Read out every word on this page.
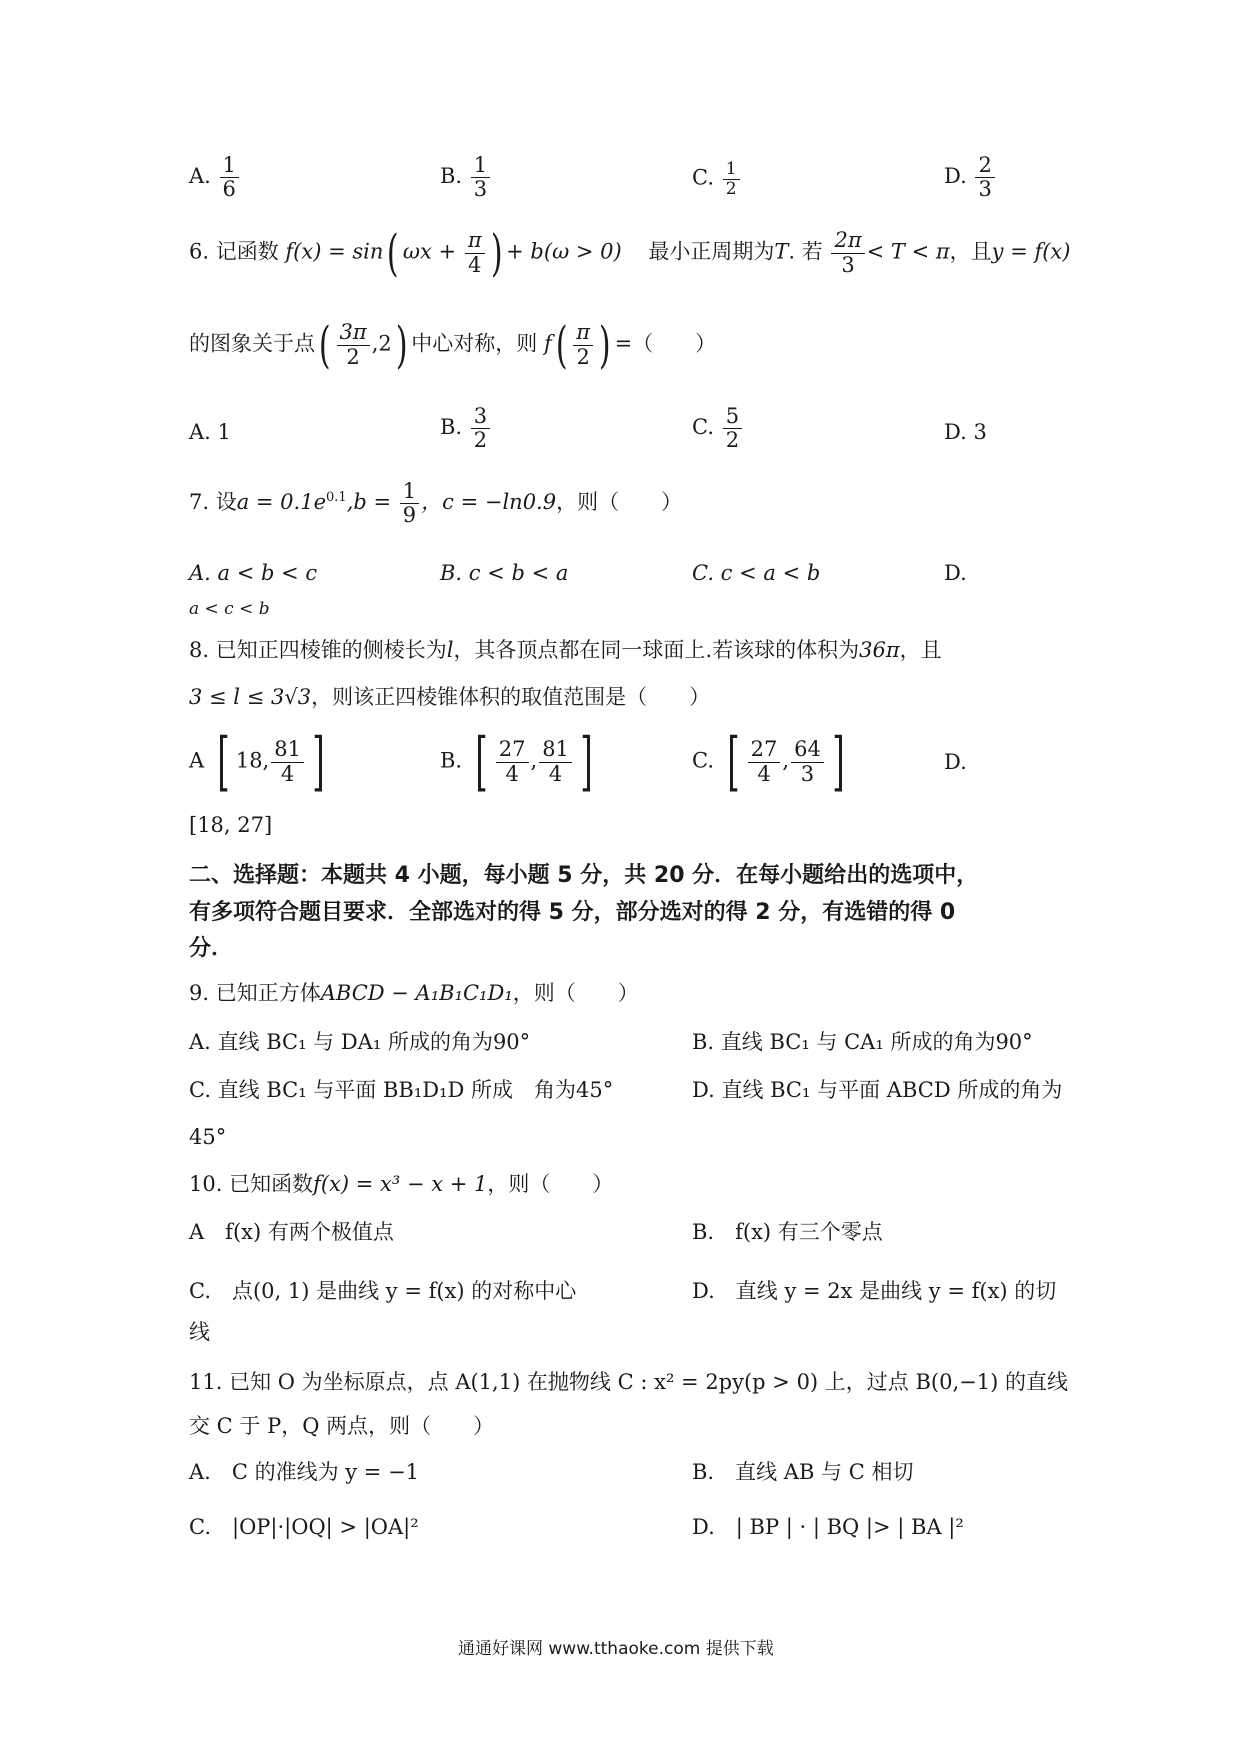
A. $\frac{1}{6}$	B. $\frac{1}{3}$	C. $\frac{1}{2}$	D. $\frac{2}{3}$
6. 记函数 f(x) = sin( $\omega x + \frac{\pi}{4}$ ) + b(ω > 0) 最小正周期为T. 若 $\frac{2\pi}{3} < T < \pi$，且y = f(x)
的图象关于点( $\frac{3\pi}{2} ,2$) 中心对称，则 $f( \frac{\pi}{2}$ ) =（　　）
A. 1	B. $\frac{3}{2}$	C. $\frac{5}{2}$	D. 3
7. 设$a = 0.1e^{0.1},b = \frac{1}{9}$ ，c = −ln0.9，则（　　）
A. a < b < c	B. c < b < a	C. c < a < b	D.
a < c < b
8. 已知正四棱锥的侧棱长为l，其各顶点都在同一球面上.若该球的体积为36π，且
3 ≤ l ≤ 3√3，则该正四棱锥体积的取值范围是（　　）
A [ 18, $\frac{81}{4}$ ]	B. [ $\frac{27}{4}$ , $\frac{81}{4}$ ]	C. [ $\frac{27}{4}$ , $\frac{64}{3}$ ]	D.
[18, 27]
二、选择题：本题共 4 小题，每小题 5 分，共 20 分．在每小题给出的选项中，
有多项符合题目要求．全部选对的得 5 分，部分选对的得 2 分，有选错的得 0
分．
9. 已知正方体ABCD − A₁B₁C₁D₁，则（　　）
A. 直线 BC₁ 与 DA₁ 所成的角为90°	B. 直线 BC₁ 与 CA₁ 所成的角为90°
C. 直线 BC₁ 与平面 BB₁D₁D 所成　角为45°	D. 直线 BC₁ 与平面 ABCD 所成的角为
45°
10. 已知函数f(x) = x³ − x + 1，则（　　）
A　f(x) 有两个极值点	B.　f(x) 有三个零点
C.　点(0, 1) 是曲线 y = f(x) 的对称中心	D.　直线 y = 2x 是曲线 y = f(x) 的切
线
11. 已知 O 为坐标原点，点 A(1,1) 在抛物线 C : x² = 2py(p > 0) 上，过点 B(0,−1) 的直线
交 C 于 P，Q 两点，则（　　）
A.　C 的准线为 y = −1	B.　直线 AB 与 C 相切
C.　|OP|·|OQ| > |OA|²	D.　| BP | · | BQ |> | BA |²
通通好课网 www.tthaoke.com 提供下载
